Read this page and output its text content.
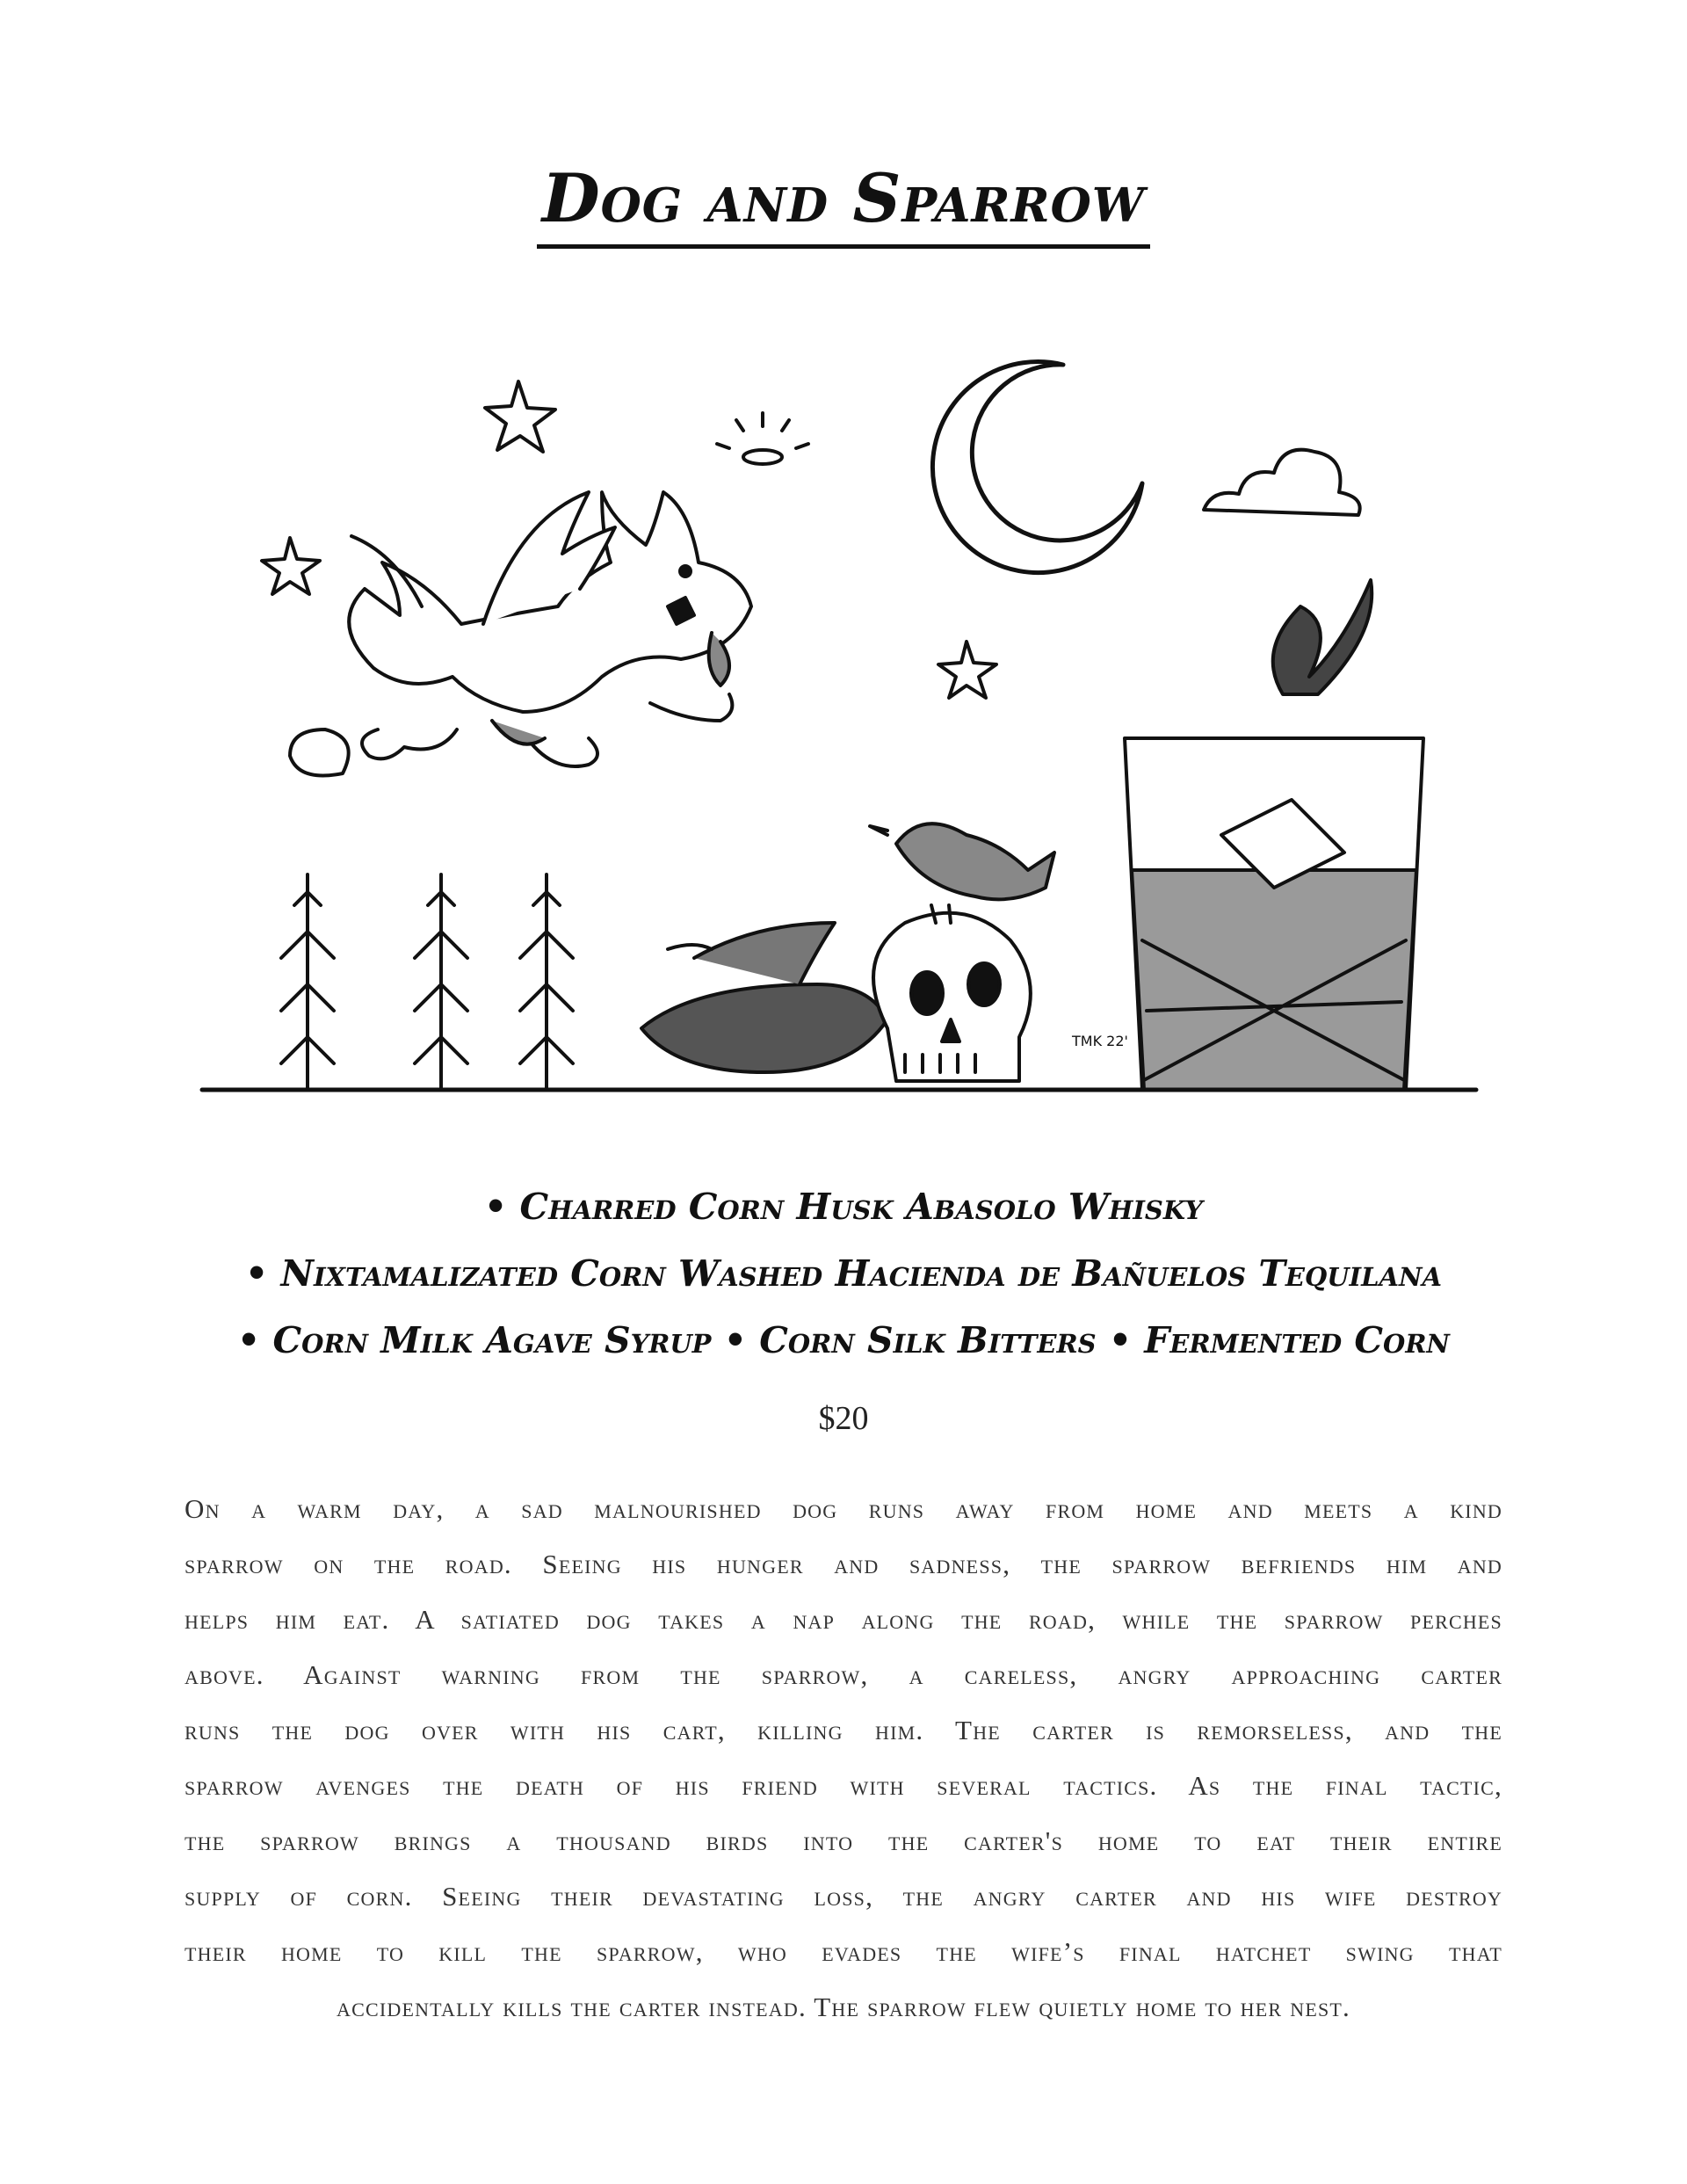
Dog and Sparrow
TMK 22'
• Charred Corn Husk Abasolo Whisky
• Nixtamalizated Corn Washed Hacienda de Bañuelos Tequilana
• Corn Milk Agave Syrup • Corn Silk Bitters • Fermented Corn
$20
On a warm day, a sad malnourished dog runs away from home and meets a kind
sparrow on the road. Seeing his hunger and sadness, the sparrow befriends him and
helps him eat. A satiated dog takes a nap along the road, while the sparrow perches
above. Against warning from the sparrow, a careless, angry approaching carter
runs the dog over with his cart, killing him. The carter is remorseless, and the
sparrow avenges the death of his friend with several tactics. As the final tactic,
the sparrow brings a thousand birds into the carter's home to eat their entire
supply of corn. Seeing their devastating loss, the angry carter and his wife destroy
their home to kill the sparrow, who evades the wife’s final hatchet swing that
accidentally kills the carter instead. The sparrow flew quietly home to her nest.
